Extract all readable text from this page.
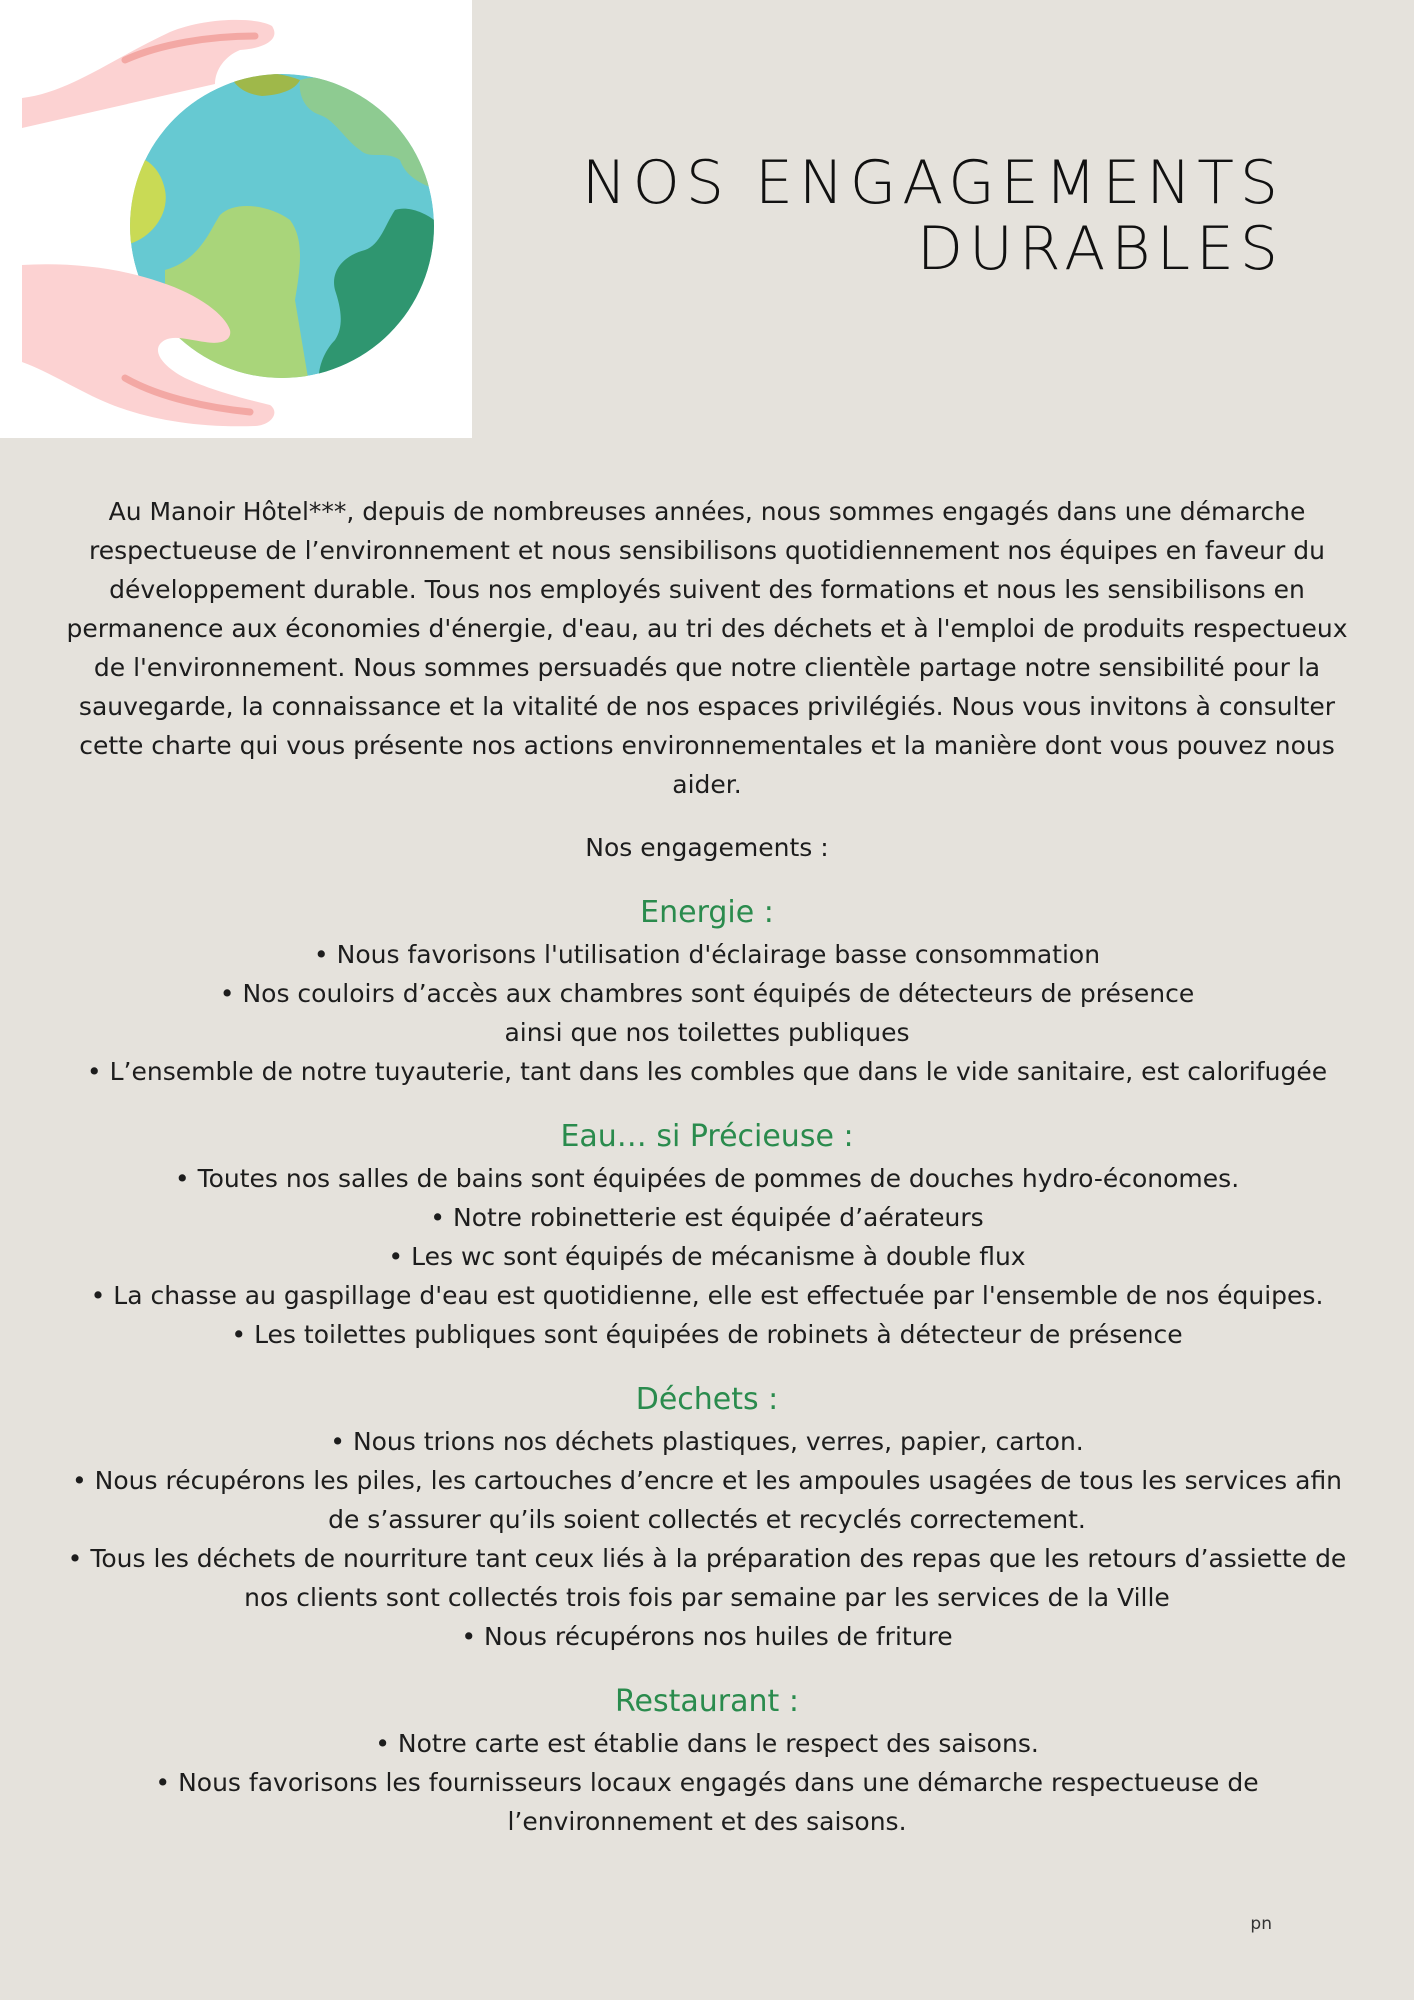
NOS ENGAGEMENTS
DURABLES

Au Manoir Hôtel***, depuis de nombreuses années, nous sommes engagés dans une démarche respectueuse de l’environnement et nous sensibilisons quotidiennement nos équipes en faveur du développement durable. Tous nos employés suivent des formations et nous les sensibilisons en permanence aux économies d'énergie, d'eau, au tri des déchets et à l'emploi de produits respectueux de l'environnement. Nous sommes persuadés que notre clientèle partage notre sensibilité pour la sauvegarde, la connaissance et la vitalité de nos espaces privilégiés. Nous vous invitons à consulter cette charte qui vous présente nos actions environnementales et la manière dont vous pouvez nous aider.

Nos engagements :

Energie :
• Nous favorisons l'utilisation d'éclairage basse consommation
• Nos couloirs d’accès aux chambres sont équipés de détecteurs de présence ainsi que nos toilettes publiques
• L’ensemble de notre tuyauterie, tant dans les combles que dans le vide sanitaire, est calorifugée
Eau… si Précieuse :
• Toutes nos salles de bains sont équipées de pommes de douches hydro-économes.
• Notre robinetterie est équipée d’aérateurs
• Les wc sont équipés de mécanisme à double flux
• La chasse au gaspillage d'eau est quotidienne, elle est effectuée par l'ensemble de nos équipes.
• Les toilettes publiques sont équipées de robinets à détecteur de présence
Déchets :
• Nous trions nos déchets plastiques, verres, papier, carton.
• Nous récupérons les piles, les cartouches d’encre et les ampoules usagées de tous les services afin de s’assurer qu’ils soient collectés et recyclés correctement.
• Tous les déchets de nourriture tant ceux liés à la préparation des repas que les retours d’assiette de nos clients sont collectés trois fois par semaine par les services de la Ville
• Nous récupérons nos huiles de friture
Restaurant :
• Notre carte est établie dans le respect des saisons.
• Nous favorisons les fournisseurs locaux engagés dans une démarche respectueuse de l’environnement et des saisons.
pn
